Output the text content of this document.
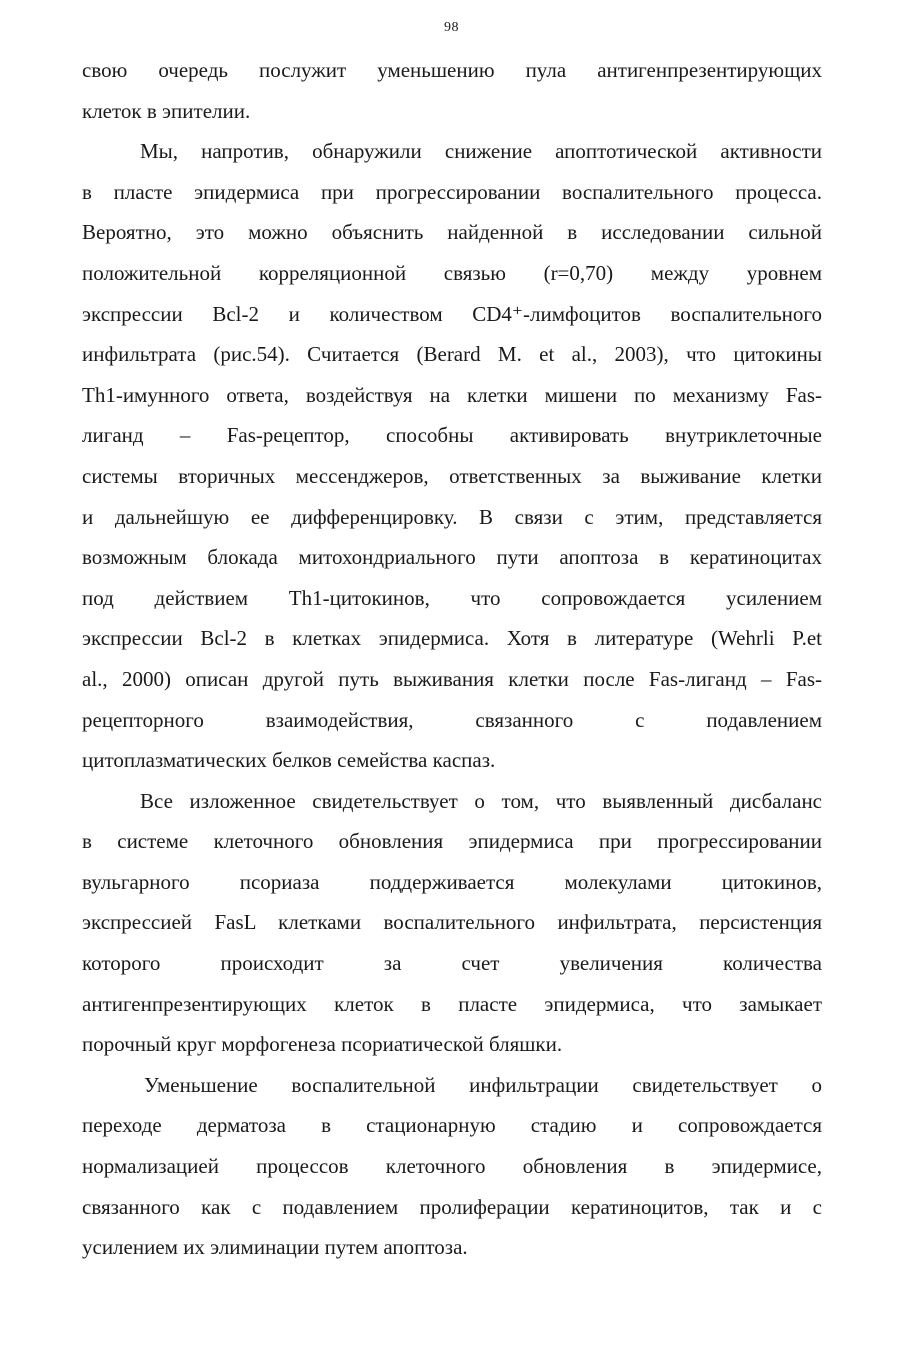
98

свою очередь послужит уменьшению пула антигенпрезентирующих
клеток в эпителии.

Мы, напротив, обнаружили снижение апоптотической активности
в пласте эпидермиса при прогрессировании воспалительного процесса.
Вероятно, это можно объяснить найденной в исследовании сильной
положительной корреляционной связью (r=0,70) между уровнем
экспрессии Bcl-2 и количеством CD4⁺-лимфоцитов воспалительного
инфильтрата (рис.54). Считается (Berard M. et al., 2003), что цитокины
Th1-имунного ответа, воздействуя на клетки мишени по механизму Fas-
лиганд – Fas-рецептор, способны активировать внутриклеточные
системы вторичных мессенджеров, ответственных за выживание клетки
и дальнейшую ее дифференцировку. В связи с этим, представляется
возможным блокада митохондриального пути апоптоза в кератиноцитах
под действием Th1-цитокинов, что сопровождается усилением
экспрессии Bcl-2 в клетках эпидермиса. Хотя в литературе (Wehrli P.et
al., 2000) описан другой путь выживания клетки после Fas-лиганд – Fas-
рецепторного взаимодействия, связанного с подавлением
цитоплазматических белков семейства каспаз.

Все изложенное свидетельствует о том, что выявленный дисбаланс
в системе клеточного обновления эпидермиса при прогрессировании
вульгарного псориаза поддерживается молекулами цитокинов,
экспрессией FasL клетками воспалительного инфильтрата, персистенция
которого происходит за счет увеличения количества
антигенпрезентирующих клеток в пласте эпидермиса, что замыкает
порочный круг морфогенеза псориатической бляшки.

Уменьшение воспалительной инфильтрации свидетельствует о
переходе дерматоза в стационарную стадию и сопровождается
нормализацией процессов клеточного обновления в эпидермисе,
связанного как с подавлением пролиферации кератиноцитов, так и с
усилением их элиминации путем апоптоза.
